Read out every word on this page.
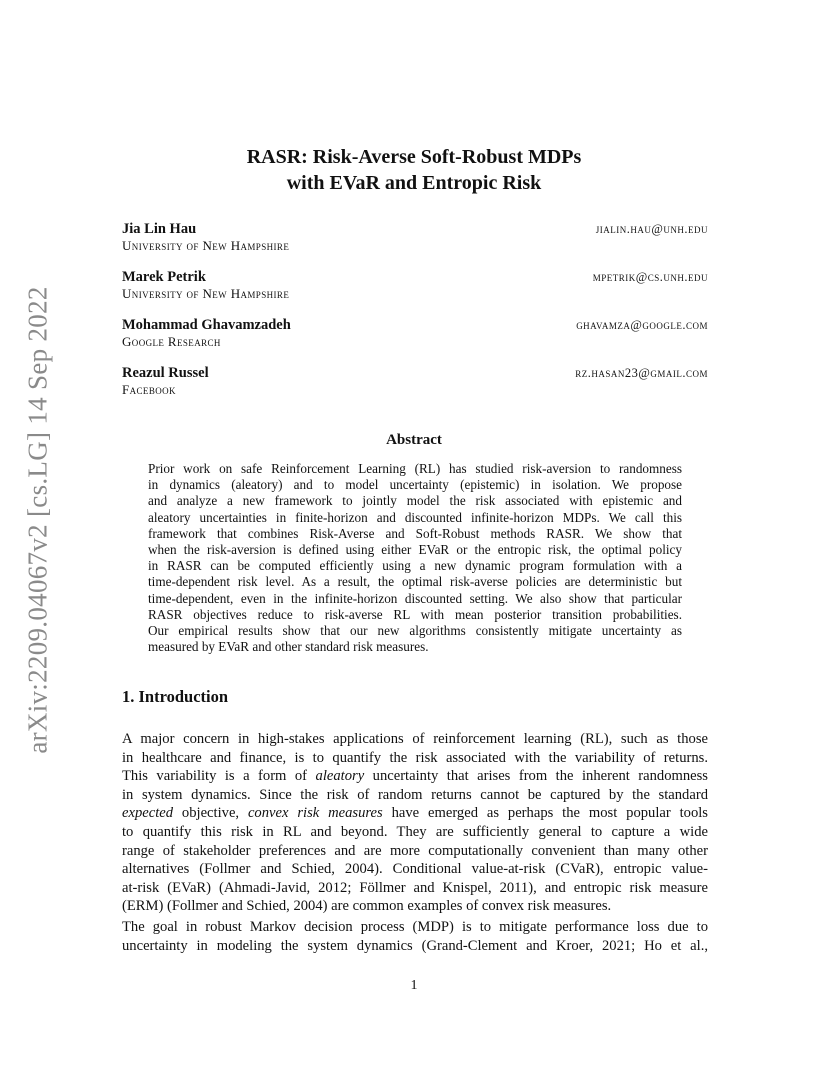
arXiv:2209.04067v2 [cs.LG] 14 Sep 2022
RASR: Risk-Averse Soft-Robust MDPs
with EVaR and Entropic Risk
Jia Lin Hau
University of New Hampshire
jialin.hau@unh.edu
Marek Petrik
University of New Hampshire
mpetrik@cs.unh.edu
Mohammad Ghavamzadeh
Google Research
ghavamza@google.com
Reazul Russel
Facebook
rz.hasan23@gmail.com
Abstract
Prior work on safe Reinforcement Learning (RL) has studied risk-aversion to randomness
in dynamics (aleatory) and to model uncertainty (epistemic) in isolation. We propose
and analyze a new framework to jointly model the risk associated with epistemic and
aleatory uncertainties in finite-horizon and discounted infinite-horizon MDPs. We call this
framework that combines Risk-Averse and Soft-Robust methods RASR. We show that
when the risk-aversion is defined using either EVaR or the entropic risk, the optimal policy
in RASR can be computed efficiently using a new dynamic program formulation with a
time-dependent risk level. As a result, the optimal risk-averse policies are deterministic but
time-dependent, even in the infinite-horizon discounted setting. We also show that particular
RASR objectives reduce to risk-averse RL with mean posterior transition probabilities.
Our empirical results show that our new algorithms consistently mitigate uncertainty as
measured by EVaR and other standard risk measures.
1. Introduction
A major concern in high-stakes applications of reinforcement learning (RL), such as those
in healthcare and finance, is to quantify the risk associated with the variability of returns.
This variability is a form of aleatory uncertainty that arises from the inherent randomness
in system dynamics. Since the risk of random returns cannot be captured by the standard
expected objective, convex risk measures have emerged as perhaps the most popular tools
to quantify this risk in RL and beyond. They are sufficiently general to capture a wide
range of stakeholder preferences and are more computationally convenient than many other
alternatives (Follmer and Schied, 2004). Conditional value-at-risk (CVaR), entropic value-
at-risk (EVaR) (Ahmadi-Javid, 2012; Föllmer and Knispel, 2011), and entropic risk measure
(ERM) (Follmer and Schied, 2004) are common examples of convex risk measures.
The goal in robust Markov decision process (MDP) is to mitigate performance loss due to
uncertainty in modeling the system dynamics (Grand-Clement and Kroer, 2021; Ho et al.,
1
